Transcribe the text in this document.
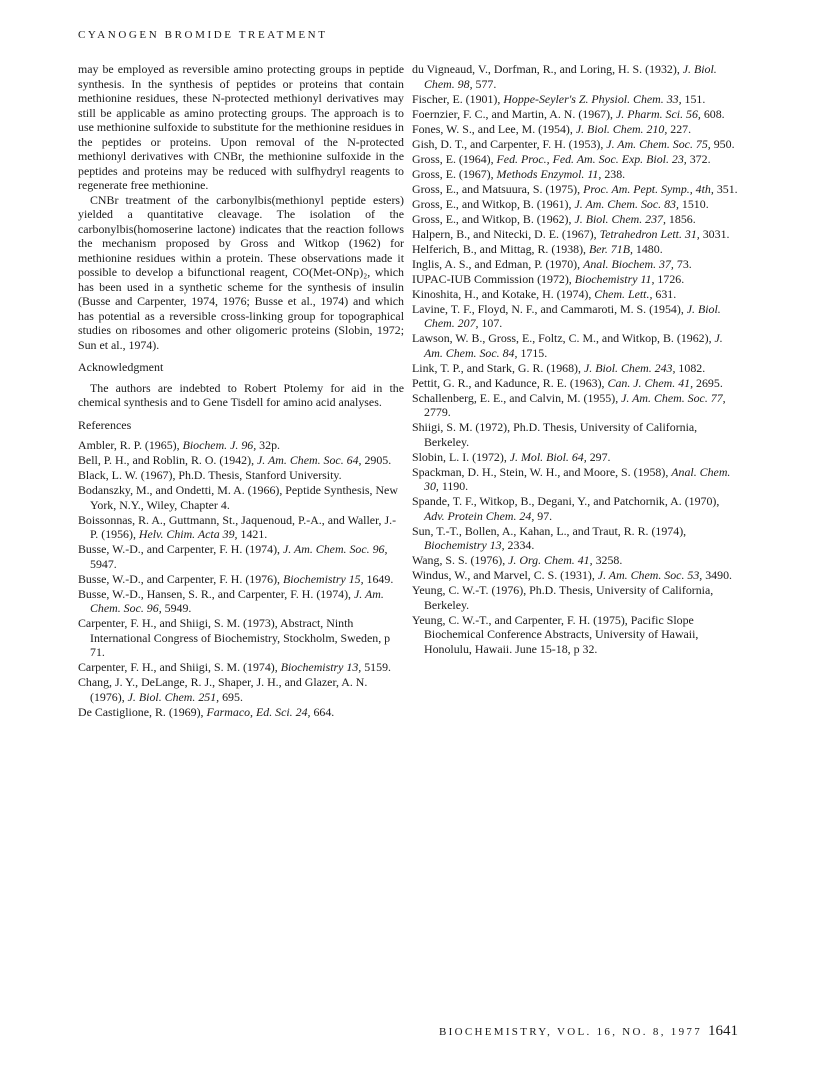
CYANOGEN BROMIDE TREATMENT

may be employed as reversible amino protecting groups in peptide synthesis. In the synthesis of peptides or proteins that contain methionine residues, these N-protected methionyl derivatives may still be applicable as amino protecting groups. The approach is to use methionine sulfoxide to substitute for the methionine residues in the peptides or proteins. Upon removal of the N-protected methionyl derivatives with CNBr, the methionine sulfoxide in the peptides and proteins may be reduced with sulfhydryl reagents to regenerate free methionine.

CNBr treatment of the carbonylbis(methionyl peptide esters) yielded a quantitative cleavage. The isolation of the carbonylbis(homoserine lactone) indicates that the reaction follows the mechanism proposed by Gross and Witkop (1962) for methionine residues within a protein. These observations made it possible to develop a bifunctional reagent, CO(Met-ONp)₂, which has been used in a synthetic scheme for the synthesis of insulin (Busse and Carpenter, 1974, 1976; Busse et al., 1974) and which has potential as a reversible cross-linking group for topographical studies on ribosomes and other oligomeric proteins (Slobin, 1972; Sun et al., 1974).

Acknowledgment

The authors are indebted to Robert Ptolemy for aid in the chemical synthesis and to Gene Tisdell for amino acid analyses.

References

Ambler, R. P. (1965), Biochem. J. 96, 32p.

Bell, P. H., and Roblin, R. O. (1942), J. Am. Chem. Soc. 64, 2905.

Black, L. W. (1967), Ph.D. Thesis, Stanford University.

Bodanszky, M., and Ondetti, M. A. (1966), Peptide Synthesis, New York, N.Y., Wiley, Chapter 4.

Boissonnas, R. A., Guttmann, St., Jaquenoud, P.-A., and Waller, J.-P. (1956), Helv. Chim. Acta 39, 1421.

Busse, W.-D., and Carpenter, F. H. (1974), J. Am. Chem. Soc. 96, 5947.

Busse, W.-D., and Carpenter, F. H. (1976), Biochemistry 15, 1649.

Busse, W.-D., Hansen, S. R., and Carpenter, F. H. (1974), J. Am. Chem. Soc. 96, 5949.

Carpenter, F. H., and Shiigi, S. M. (1973), Abstract, Ninth International Congress of Biochemistry, Stockholm, Sweden, p 71.

Carpenter, F. H., and Shiigi, S. M. (1974), Biochemistry 13, 5159.

Chang, J. Y., DeLange, R. J., Shaper, J. H., and Glazer, A. N. (1976), J. Biol. Chem. 251, 695.

De Castiglione, R. (1969), Farmaco, Ed. Sci. 24, 664.

du Vigneaud, V., Dorfman, R., and Loring, H. S. (1932), J. Biol. Chem. 98, 577.

Fischer, E. (1901), Hoppe-Seyler's Z. Physiol. Chem. 33, 151.

Foernzier, F. C., and Martin, A. N. (1967), J. Pharm. Sci. 56, 608.

Fones, W. S., and Lee, M. (1954), J. Biol. Chem. 210, 227.

Gish, D. T., and Carpenter, F. H. (1953), J. Am. Chem. Soc. 75, 950.

Gross, E. (1964), Fed. Proc., Fed. Am. Soc. Exp. Biol. 23, 372.

Gross, E. (1967), Methods Enzymol. 11, 238.

Gross, E., and Matsuura, S. (1975), Proc. Am. Pept. Symp., 4th, 351.

Gross, E., and Witkop, B. (1961), J. Am. Chem. Soc. 83, 1510.

Gross, E., and Witkop, B. (1962), J. Biol. Chem. 237, 1856.

Halpern, B., and Nitecki, D. E. (1967), Tetrahedron Lett. 31, 3031.

Helferich, B., and Mittag, R. (1938), Ber. 71B, 1480.

Inglis, A. S., and Edman, P. (1970), Anal. Biochem. 37, 73.

IUPAC-IUB Commission (1972), Biochemistry 11, 1726.

Kinoshita, H., and Kotake, H. (1974), Chem. Lett., 631.

Lavine, T. F., Floyd, N. F., and Cammaroti, M. S. (1954), J. Biol. Chem. 207, 107.

Lawson, W. B., Gross, E., Foltz, C. M., and Witkop, B. (1962), J. Am. Chem. Soc. 84, 1715.

Link, T. P., and Stark, G. R. (1968), J. Biol. Chem. 243, 1082.

Pettit, G. R., and Kadunce, R. E. (1963), Can. J. Chem. 41, 2695.

Schallenberg, E. E., and Calvin, M. (1955), J. Am. Chem. Soc. 77, 2779.

Shiigi, S. M. (1972), Ph.D. Thesis, University of California, Berkeley.

Slobin, L. I. (1972), J. Mol. Biol. 64, 297.

Spackman, D. H., Stein, W. H., and Moore, S. (1958), Anal. Chem. 30, 1190.

Spande, T. F., Witkop, B., Degani, Y., and Patchornik, A. (1970), Adv. Protein Chem. 24, 97.

Sun, T.-T., Bollen, A., Kahan, L., and Traut, R. R. (1974), Biochemistry 13, 2334.

Wang, S. S. (1976), J. Org. Chem. 41, 3258.

Windus, W., and Marvel, C. S. (1931), J. Am. Chem. Soc. 53, 3490.

Yeung, C. W.-T. (1976), Ph.D. Thesis, University of California, Berkeley.

Yeung, C. W.-T., and Carpenter, F. H. (1975), Pacific Slope Biochemical Conference Abstracts, University of Hawaii, Honolulu, Hawaii. June 15-18, p 32.

BIOCHEMISTRY, VOL. 16, NO. 8, 1977 1641
